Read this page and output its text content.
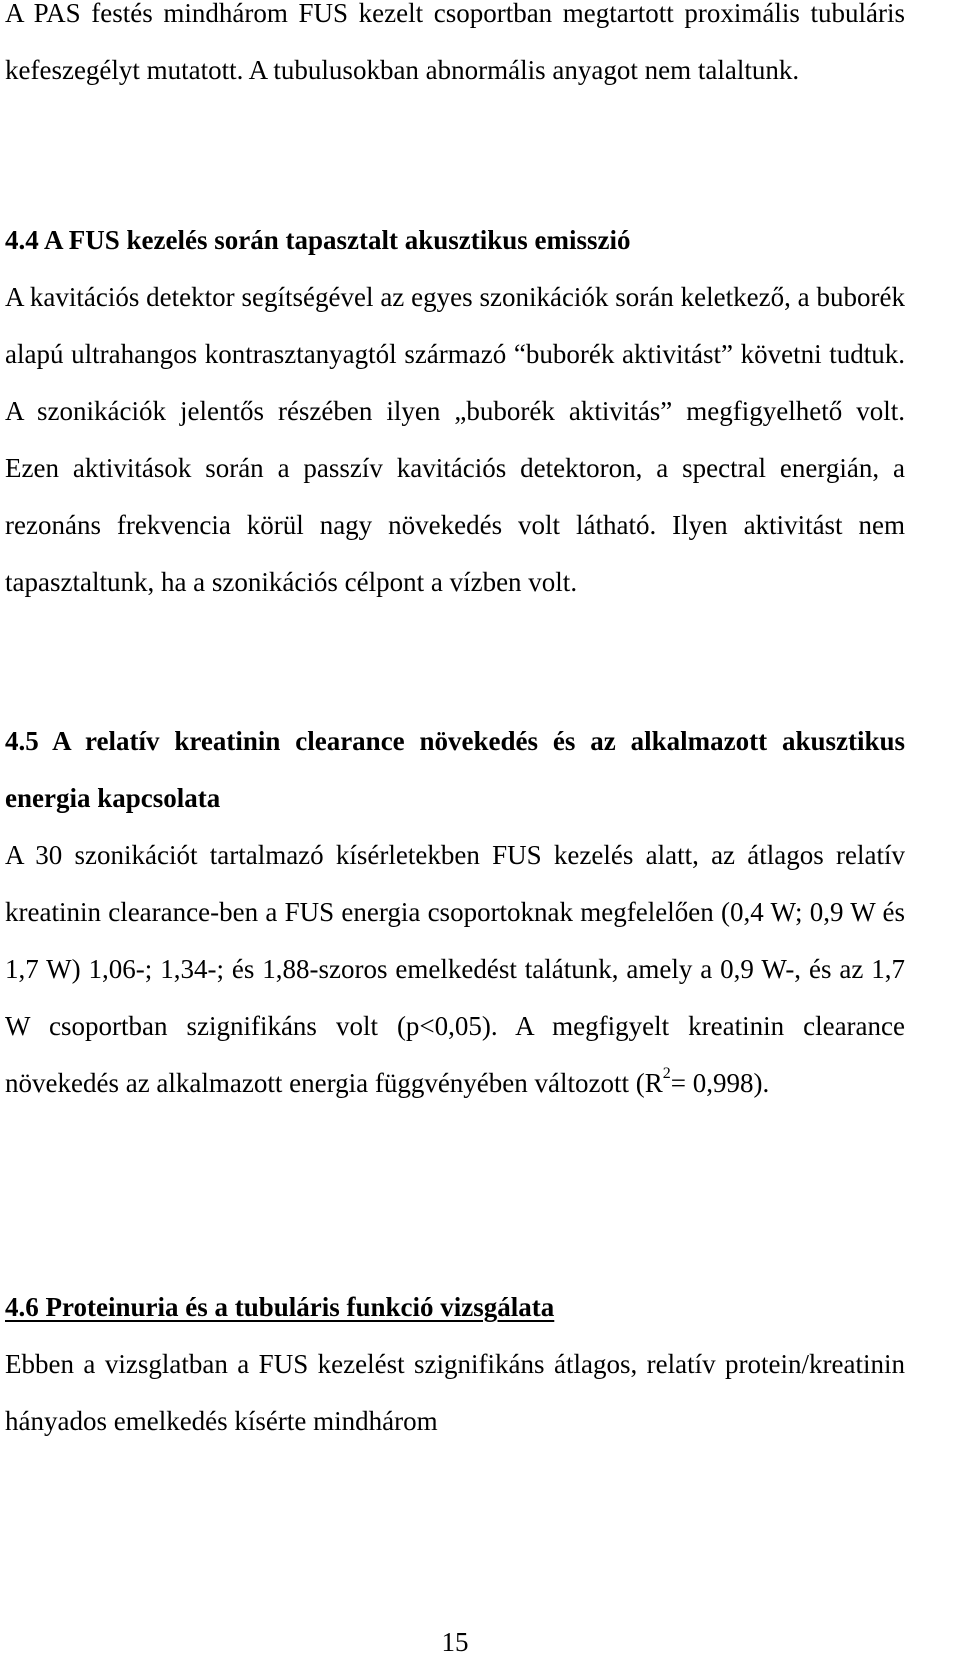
A PAS festés mindhárom FUS kezelt csoportban megtartott proximális tubuláris kefeszegélyt mutatott. A tubulusokban abnormális anyagot nem talaltunk.

4.4 A FUS kezelés során tapasztalt akusztikus emisszió

A kavitációs detektor segítségével az egyes szonikációk során keletkező, a buborék alapú ultrahangos kontrasztanyagtól származó “buborék aktivitást” követni tudtuk. A szonikációk jelentős részében ilyen „buborék aktivitás” megfigyelhető volt. Ezen aktivitások során a passzív kavitációs detektoron, a spectral energián, a rezonáns frekvencia körül nagy növekedés volt látható. Ilyen aktivitást nem tapasztaltunk, ha a szonikációs célpont a vízben volt.

4.5 A relatív kreatinin clearance növekedés és az alkalmazott akusztikus energia kapcsolata

A 30 szonikációt tartalmazó kísérletekben FUS kezelés alatt, az átlagos relatív kreatinin clearance-ben a FUS energia csoportoknak megfelelően (0,4 W; 0,9 W és 1,7 W) 1,06-; 1,34-; és 1,88-szoros emelkedést talátunk, amely a 0,9 W-, és az 1,7 W csoportban szignifikáns volt (p<0,05). A megfigyelt kreatinin clearance növekedés az alkalmazott energia függvényében változott $(R^2= 0,998)$.

4.6 Proteinuria és a tubuláris funkció vizsgálata

Ebben a vizsglatban a FUS kezelést szignifikáns átlagos, relatív protein/kreatinin hányados emelkedés kísérte mindhárom

15
